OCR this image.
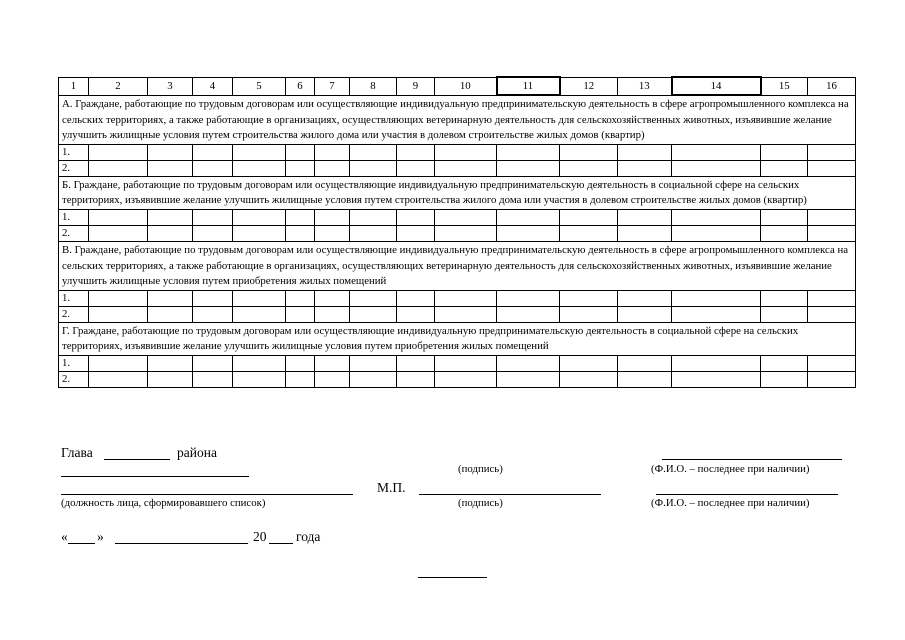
1	2	3	4	5	6	7	8	9	10	11	12	13	14	15	16
А. Граждане, работающие по трудовым договорам или осуществляющие индивидуальную предпринимательскую деятельность в сфере агропромышленного комплекса на сельских территориях, а также работающие в организациях, осуществляющих ветеринарную деятельность для сельскохозяйственных животных, изъявившие желание улучшить жилищные условия путем строительства жилого дома или участия в долевом строительстве жилых домов (квартир)															
1.															
2.															
Б. Граждане, работающие по трудовым договорам или осуществляющие индивидуальную предпринимательскую деятельность в социальной сфере на сельских территориях, изъявившие желание улучшить жилищные условия путем строительства жилого дома или участия в долевом строительстве жилых домов (квартир)															
1.															
2.															
В. Граждане, работающие по трудовым договорам или осуществляющие индивидуальную предпринимательскую деятельность в сфере агропромышленного комплекса на сельских территориях, а также работающие в организациях, осуществляющих ветеринарную деятельность для сельскохозяйственных животных, изъявившие желание улучшить жилищные условия путем приобретения жилых помещений															
1.															
2.															
Г. Граждане, работающие по трудовым договорам или осуществляющие индивидуальную предпринимательскую деятельность в социальной сфере на сельских территориях, изъявившие желание улучшить жилищные условия путем приобретения жилых помещений															
1.															
2.															
Глава	района
(подпись)	(Ф.И.О. – последнее при наличии)
М.П.
(должность лица, сформировавшего список)	(подпись)	(Ф.И.О. – последнее при наличии)
« »	20 года
